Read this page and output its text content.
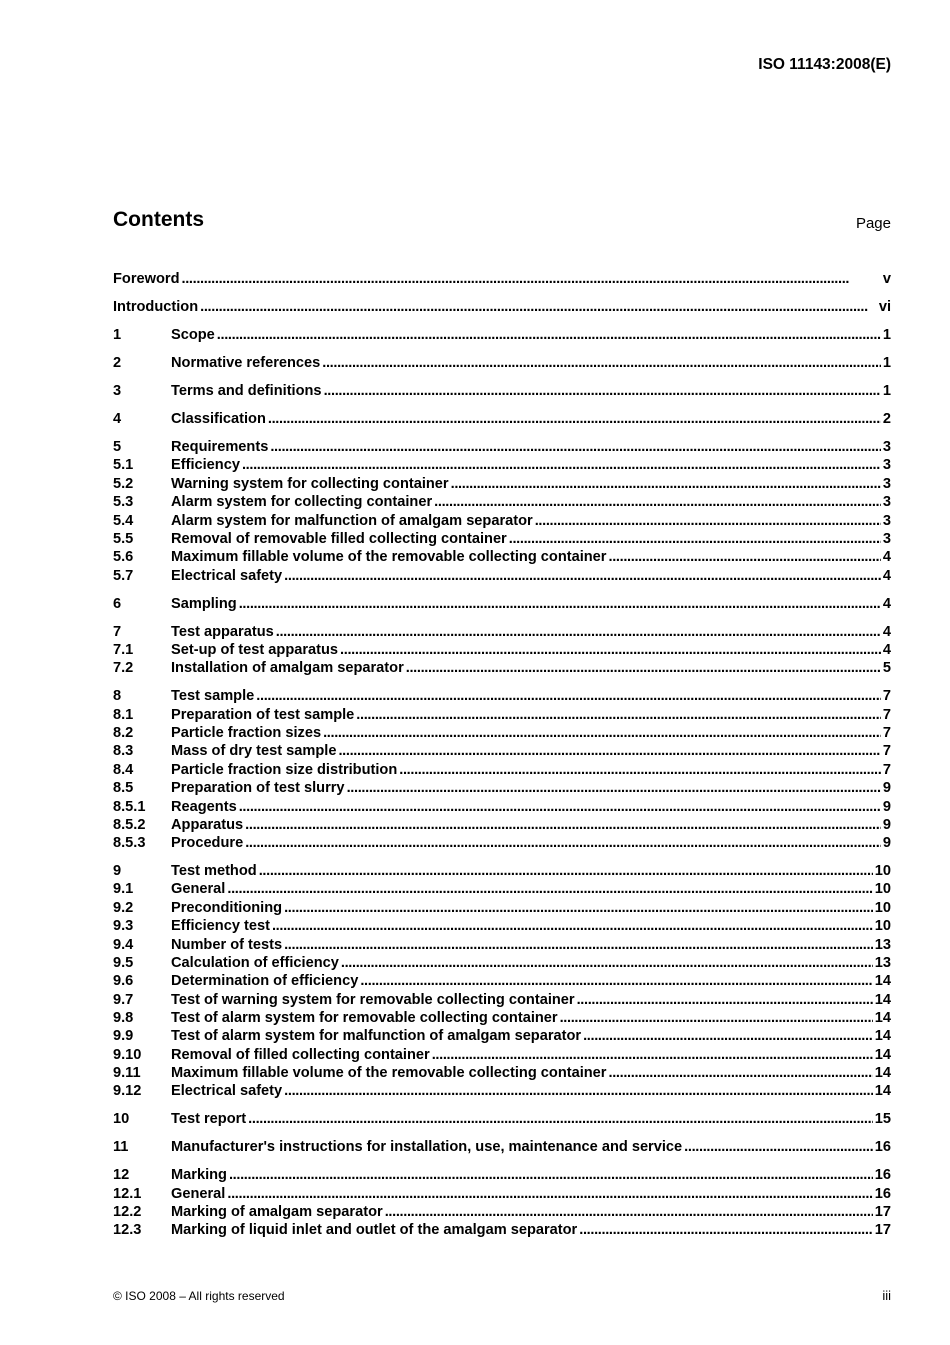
ISO 11143:2008(E)
Contents	Page
Foreword . . .	v
Introduction . . .	vi
1	Scope . . .	1
2	Normative references . . .	1
3	Terms and definitions . . .	1
4	Classification . . .	2
5	Requirements . . .	3
5.1	Efficiency . . .	3
5.2	Warning system for collecting container . . .	3
5.3	Alarm system for collecting container . . .	3
5.4	Alarm system for malfunction of amalgam separator . . .	3
5.5	Removal of removable filled collecting container . . .	3
5.6	Maximum fillable volume of the removable collecting container . . .	4
5.7	Electrical safety . . .	4
6	Sampling . . .	4
7	Test apparatus . . .	4
7.1	Set-up of test apparatus . . .	4
7.2	Installation of amalgam separator . . .	5
8	Test sample . . .	7
8.1	Preparation of test sample . . .	7
8.2	Particle fraction sizes . . .	7
8.3	Mass of dry test sample . . .	7
8.4	Particle fraction size distribution . . .	7
8.5	Preparation of test slurry . . .	9
8.5.1	Reagents . . .	9
8.5.2	Apparatus . . .	9
8.5.3	Procedure . . .	9
9	Test method . . .	10
9.1	General . . .	10
9.2	Preconditioning . . .	10
9.3	Efficiency test . . .	10
9.4	Number of tests . . .	13
9.5	Calculation of efficiency . . .	13
9.6	Determination of efficiency . . .	14
9.7	Test of warning system for removable collecting container . . .	14
9.8	Test of alarm system for removable collecting container . . .	14
9.9	Test of alarm system for malfunction of amalgam separator . . .	14
9.10	Removal of filled collecting container . . .	14
9.11	Maximum fillable volume of the removable collecting container . . .	14
9.12	Electrical safety . . .	14
10	Test report . . .	15
11	Manufacturer's instructions for installation, use, maintenance and service . . .	16
12	Marking . . .	16
12.1	General . . .	16
12.2	Marking of amalgam separator . . .	17
12.3	Marking of liquid inlet and outlet of the amalgam separator . . .	17
© ISO 2008 – All rights reserved	iii
